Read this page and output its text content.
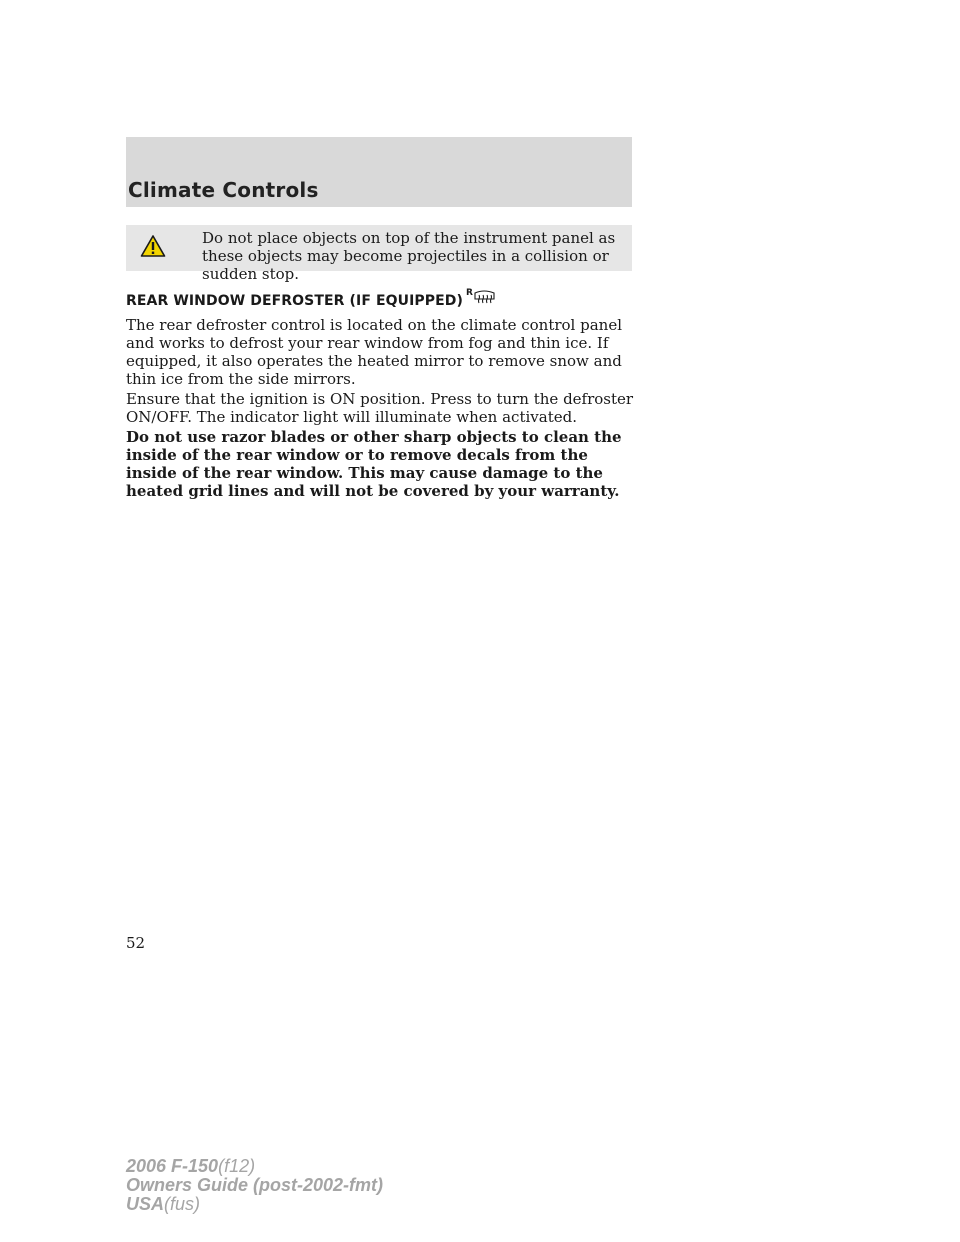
Climate Controls
Do not place objects on top of the instrument panel as these objects may become projectiles in a collision or sudden stop.
REAR WINDOW DEFROSTER (IF EQUIPPED) R
The rear defroster control is located on the climate control panel and works to defrost your rear window from fog and thin ice. If equipped, it also operates the heated mirror to remove snow and thin ice from the side mirrors.
Ensure that the ignition is ON position. Press to turn the defroster ON/OFF. The indicator light will illuminate when activated.
Do not use razor blades or other sharp objects to clean the inside of the rear window or to remove decals from the inside of the rear window. This may cause damage to the heated grid lines and will not be covered by your warranty.
52
2006 F-150(f12)
Owners Guide (post-2002-fmt)
USA(fus)
